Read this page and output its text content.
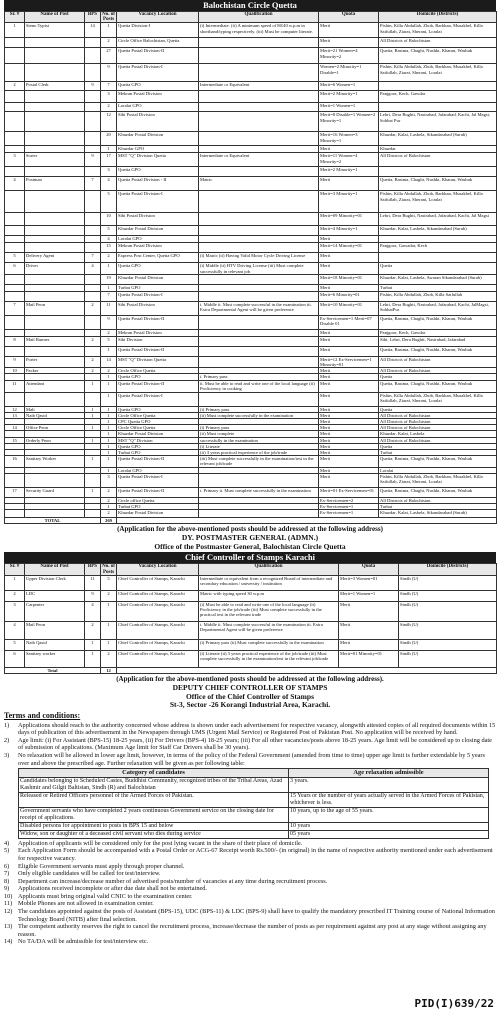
Balochistan Circle Quetta
Sr. #	Name of Post	BPS	No. of Posts	Vacancy Location	Qualification	Quota	Domicile (Districts)
1	Steno Typist	14	1	Quetta Division-I	(i) Intermediate. (ii) A minimum speed of 80/40 w.p.m in shorthand/typing respectively. (iii) Must be computer literate.	Merit	Pishin, Killa Abdullah, Zhob, Barkhan, Musakhel, Killa Saifullah, Ziarat, Sherani, Loralai
			2	Circle Office Balochistan, Quetta		Merit	All Districts of Balochistan
			27	Quetta Postal Division-II		Merit=21 Women=4 Minority=2	Quetta, Basima, Chaghi, Nushki, Kharan, Washuk
			9	Quetta Postal Division-I		Women=2 Minority=1 Disable=1	Pishin, Killa Abdullah, Zhob, Barkhan, Musakhel, Killa Saifullah, Ziarat, Sherani, Loralai
2	Postal Clerk	9	7	Quetta GPO	Intermediate or Equivalent	Merit=6 Women=1	
			3	Mekran Postal Division		Merit=2 Minority=1	Panjgoor, Kech, Gawdar
			2	Loralai GPO		Merit=1 Women=1	
			12	Sibi Postal Division		Merit=8 Disable=1 Women=2 Minority=1	Lehri, Dera Bughti, Nasirabad, Jafarabad, Kachi, Jal Magsi, Sohbat Pur
			20	Khuzdar Postal Division		Merit=16 Women=3 Minority=1	Khuzdar, Kalat, Lasbela, Sikandarabad (Surab)
			1	Khuzdar GPO		Merit	Khuzdar
3	Sorter	9	17	MST "Q" Division Quetta	Intermediate or Equivalent	Merit=11 Women=4 Minority=2	All Districts of Balochistan
			3	Quetta GPO		Merit=2 Minority=1	
4	Postman	7	4	Quetta Postal Division - II	Matric	Merit	Quetta, Basima, Chaghi, Nushki, Kharan, Washuk
			5	Quetta Postal Division-I		Merit=3 Minority=1	Pishin, Killa Abdullah, Zhob, Barkhan, Musakhel, Killa Saifullah, Ziarat, Sherani, Loralai
			10	Sibi Postal Division		Merit=09 Minority=01	Lehri, Dera Bughti, Nasirabad, Jafarabad, Kachi, Jal Magsi
			5	Khuzdar Postal Division		Merit=4 Minority=1	Khuzdar, Kalat, Lasbela, Sikandarabad (Surab)
			4	Loralai GPO		Merit	
			15	Mekran Postal Division		Merit=14 Minority=01	Panjgoor, Gawadar, Kech
5	Delivery Agent	7	2	Express Post Center, Quetta GPO	(i) Matric (ii) Having Valid Motor Cycle Driving License	Merit	
6	Driver	4	1	Quetta GPO	(i) Middle (ii) HTV Driving License (iii) Must complete successfully in relevant job	Merit	Quetta
			19	Khuzdar Postal Division		Merit=18 Minority=01	Khuzdar, Kalat, Lasbela, Awaran Sikandarabad (Surab)
			1	Turbat GPO		Merit	Turbat
			7	Quetta Postal Division-I		Merit=6 Minority=01	Pishin, Killa Abdullah, Zhob, Killa Saifullah
7	Mail Peon	2	11	Sibi Postal Division	i. Middle ii. Must complete successful in the examination iii. Extra Departmental Agent will be given preference	Merit=10 Minority=01	Lehri, Dera Bughti, Nasirabad, Jafarabad, Kachi, JalMagsi, SohbatPur
			9	Quetta Postal Division-II		Ex-Servicemen=1 Merit=07 Disable 01	Quetta, Basima, Chaghi, Nushki, Kharan, Washuk
			2	Mekran Postal Division		Merit	Panjgoor, Kech, Gawdar
8	Mail Runner	2	5	Sibi Division		Merit	Sibi, Lehri, Dera Bughti, Nasirabad, Jafarabad
			1	Quetta Postal Division-II		Merit	Quetta, Basima, Chaghi, Nushki, Kharan, Washuk
9	Porter	2	14	MST "Q" Division Quetta		Merit=12 Ex-Servicemen=1 Minority=01	All Districts of Balochistan
10	Packer	2	2	Circle Office Quetta		Merit	All Districts of Balochistan
			1	Quetta GPO	i. Primary pass	Merit	Quetta
11	Attendant	1	1	Quetta Postal Division-II	ii. Must be able to read and write one of the local language (ii) Proficiency in cooking	Merit	Quetta, Basima, Chaghi, Nushki, Kharan, Washuk
			1	Quetta Postal Division-I		Merit	Pishin, Killa Abdullah, Zhob, Barkhan, Musakhel, Killa Saifullah, Ziarat, Sherani, Loralai
12	Mali	1	1	Quetta GPO	(i) Primary pass	Merit	Quetta
13	Naib Qasid	1	1	Circle Office Quetta	(ii) Must complete successfully in the examination	Merit	All Districts of Balochistan
			1	CPC Quetta GPO		Merit	All Districts of Balochistan
14	Office Peon	1	1	Circle Office Quetta	(i) Primary pass	Merit	All Districts of Balochistan
			1	Khuzdar Postal Division	(ii) Must complete	Merit	Khuzdar, Kalat, Lasbela
15	Orderly Peon	1	1	MST "Q" Division	successfully in the examination	Merit	All Districts of Balochistan
			1	Quetta GPO	(i) Literate	Merit	Quetta
			1	Turbat GPO	(ii) 3 years practical experience of the job/trade	Merit	Turbat
16	Sanitary Worker	1	1	Quetta Postal Division-II	(iii) Must complete successfully in the examination/test in the relevant job/trade	Merit	Quetta, Basima, Chaghi, Nushki, Kharan, Washuk
			1	Loralai GPO		Merit	Loralai
			3	Quetta Postal Division-I		Merit	Pishin, Killa Abdullah, Zhob, Barkhan, Musakhel, Killa Saifullah, Ziarat, Sherani, Loralai
17	Security Guard	1	2	Quetta Postal Division-II	i. Primary ii. Must complete successfully in the examination	Merit=01 Ex-Servicemen=01	Quetta, Basima, Chaghi, Nushki, Kharan, Washuk
			2	Circle office Quetta		Ex-Servicemen=2	All Districts of Balochistan
			1	Turbat GPO		Ex-Servicemen=1	Turbat
			2	Khuzdar Postal Division		Ex-Servicemen=1	Khuzdar, Kalat, Lasbela, Sikandarabad (Surab)
TOTAL			269				
(Application for the above-mentioned posts should be addressed at the following address)
DY. POSTMASTER GENERAL (ADMN.)
Office of the Postmaster General, Balochistan Circle Quetta
Chief Controller of Stamps Karachi
Sr. #	Name of Post	BPS	No. of Posts	Vacancy Location	Qualification	Quota	Domicile (Districts)
1	Upper Division Clerk	11	5	Chief Controller of Stamps, Karachi	Intermediate or equivalent from a recognized Board of intermediate and secondary education / university / institution	Merit=3 Women=01	Sindh (U)
2	LDC	9	2	Chief Controller of Stamps, Karachi	Matric with typing speed 30 w.p.m	Merit=1 Women=1	Sindh (U)
3	Carpenter	4	1	Chief Controller of Stamps, Karachi	(i) Must be able to read and write one of the local language (ii) Proficiency in the job/trade (iii) Must complete successfully in the practical test in the relevant trade	Merit	Sindh (U)
4	Mail Peon	2	1	Chief Controller of Stamps, Karachi	i. Middle ii. Must complete successful in the examination iii. Extra Departmental Agent will be given preference	Merit	Sindh (U)
5	Naib Qasid	1	1	Chief Controller of Stamps, Karachi	(i) Primary pass (ii) Must complete successfully in the examination	Merit	Sindh (U)
6	Sanitary worker	1	2	Chief Controller of Stamps, Karachi	(i) Literate (ii) 3 years practical experience of the job/trade (iii) Must complete successfully in the examination/test in the relevant job/trade	Merit=01 Minority=01	Sindh (U)
Total			12				
(Application for the above-mentioned posts should be addressed at the following address).
DEPUTY CHIEF CONTROLLER OF STAMPS
Office of the Chief Controller of Stamps
St-3, Sector -26 Korangi Industrial Area, Karachi.
Terms and conditions:
1)	Applications should reach to the authority concerned whose address is shown under each advertisement for respective vacancy, alongwith attested copies of all required documents within 15 days of publication of this advertisement in the Newspapers through UMS (Urgent Mail Service) or Registered Post of Pakistan Post. No application will be received by hand.
2)	Age limit: (i) For Assistant (BPS-15) 18-25 years, (ii) For Drivers (BPS-4) 18-25 years; (iii) For all other vacancies/posts above 18-25 years. Age limit will be considered up to closing date of submission of applications. (Maximum Age limit for Staff Car Drivers shall be 30 years).
3)	No relaxation will be allowed in lower age limit, however, in terms of the policy of the Federal Government (amended from time to time) upper age limit is further extendable by 5 years over and above the prescribed age. Further relaxation will be given as per following table:
Category of candidates	Age relaxation admissible
Candidates belonging to Scheduled Castes, Buddhist Community, recognized tribes of the Tribal Areas, Azad Kashmir and Gilgit Baltistan, Sindh (R) and Balochistan	3 years.
Released or Retired Officers personnel of the Armed Forces of Pakistan.	15 Years or the number of years actually served in the Armed Forces of Pakistan, whichever is less.
Government servants who have completed 2 years continuous Government service on the closing date for receipt of applications.	10 years, up to the age of 55 years.
Disabled persons for appointment to posts in BPS 15 and below	10 years
Widow, son or daughter of a deceased civil servant who dies during service	05 years
4)	Application of applicants will be considered only for the post lying vacant in the share of their place of domicile.
5)	Each Application Form should be accompanied with a Postal Order or ACG-67 Receipt worth Rs.500/- (in original) in the name of respective authority mentioned under each advertisement for respective vacancy.
6)	Eligible Government servants must apply through proper channel.
7)	Only eligible candidates will be called for test/interview.
8)	Department can increase/decrease number of advertised posts/number of vacancies at any time during recruitment process.
9)	Applications received incomplete or after due date shall not be entertained.
10) Applicants must bring original valid CNIC to the examination center.
11) Mobile Phones are not allowed in examination center.
12) The candidates appointed against the posts of Assistant (BPS-15), UDC (BPS-11) & LDC (BPS-9) shall have to qualify the mandatory prescribed IT Training course of National Information Technology Board (NITB) after final selection.
13) The competent authority reserves the right to cancel the recruitment process, increase/decrease the number of posts as per requirement against any post at any stage without assigning any reason.
14) No TA/DA will be admissible for test/interview etc.
PID(I)639/22
